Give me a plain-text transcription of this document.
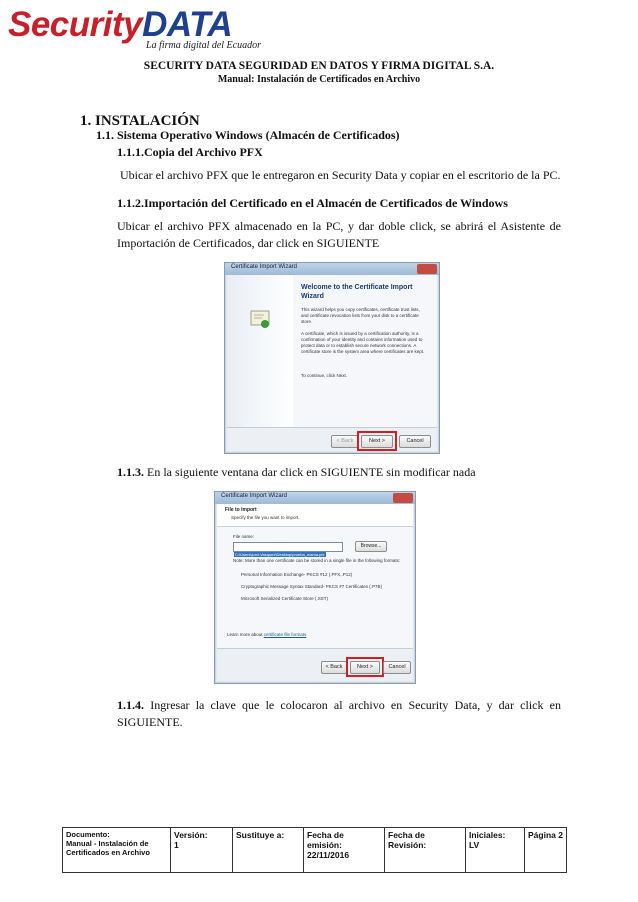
SecurityDATA
La firma digital del Ecuador
SECURITY DATA SEGURIDAD EN DATOS Y FIRMA DIGITAL S.A.
Manual: Instalación de Certificados en Archivo
1. INSTALACIÓN
1.1. Sistema Operativo Windows (Almacén de Certificados)
1.1.1.Copia del Archivo PFX
Ubicar el archivo PFX que le entregaron en Security Data y copiar en el escritorio de la PC.
1.1.2.Importación del Certificado en el Almacén de Certificados de Windows
Ubicar el archivo PFX almacenado en la PC, y dar doble click, se abrirá el Asistente de Importación de Certificados, dar click en SIGUIENTE
Certificate Import Wizard
Welcome to the Certificate Import Wizard
This wizard helps you copy certificates, certificate trust lists, and certificate revocation lists from your disk to a certificate store.
A certificate, which is issued by a certification authority, is a confirmation of your identity and contains information used to protect data or to establish secure network connections. A certificate store is the system area where certificates are kept.
To continue, click Next.
< Back	Next >	Cancel
1.1.3. En la siguiente ventana dar click en SIGUIENTE sin modificar nada
Certificate Import Wizard
File to Import
Specify the file you want to import.
File name:
C:\Users\jorvi.Vasquez\Desktop\prueba_mama.pfx
Browse...
Note: More than one certificate can be stored in a single file in the following formats:
Personal Information Exchange- PKCS #12 (.PFX,.P12)
Cryptographic Message Syntax Standard- PKCS #7 Certificates (.P7B)
Microsoft Serialized Certificate Store (.SST)
Learn more about certificate file formats
< Back	Next >	Cancel
1.1.4. Ingresar la clave que le colocaron al archivo en Security Data, y dar click en SIGUIENTE.
Documento:
Manual - Instalación de Certificados en Archivo

Versión:
1

Sustituye a:	Fecha de emisión:
22/11/2016

Fecha de Revisión:

Iniciales:
LV

Página 2
